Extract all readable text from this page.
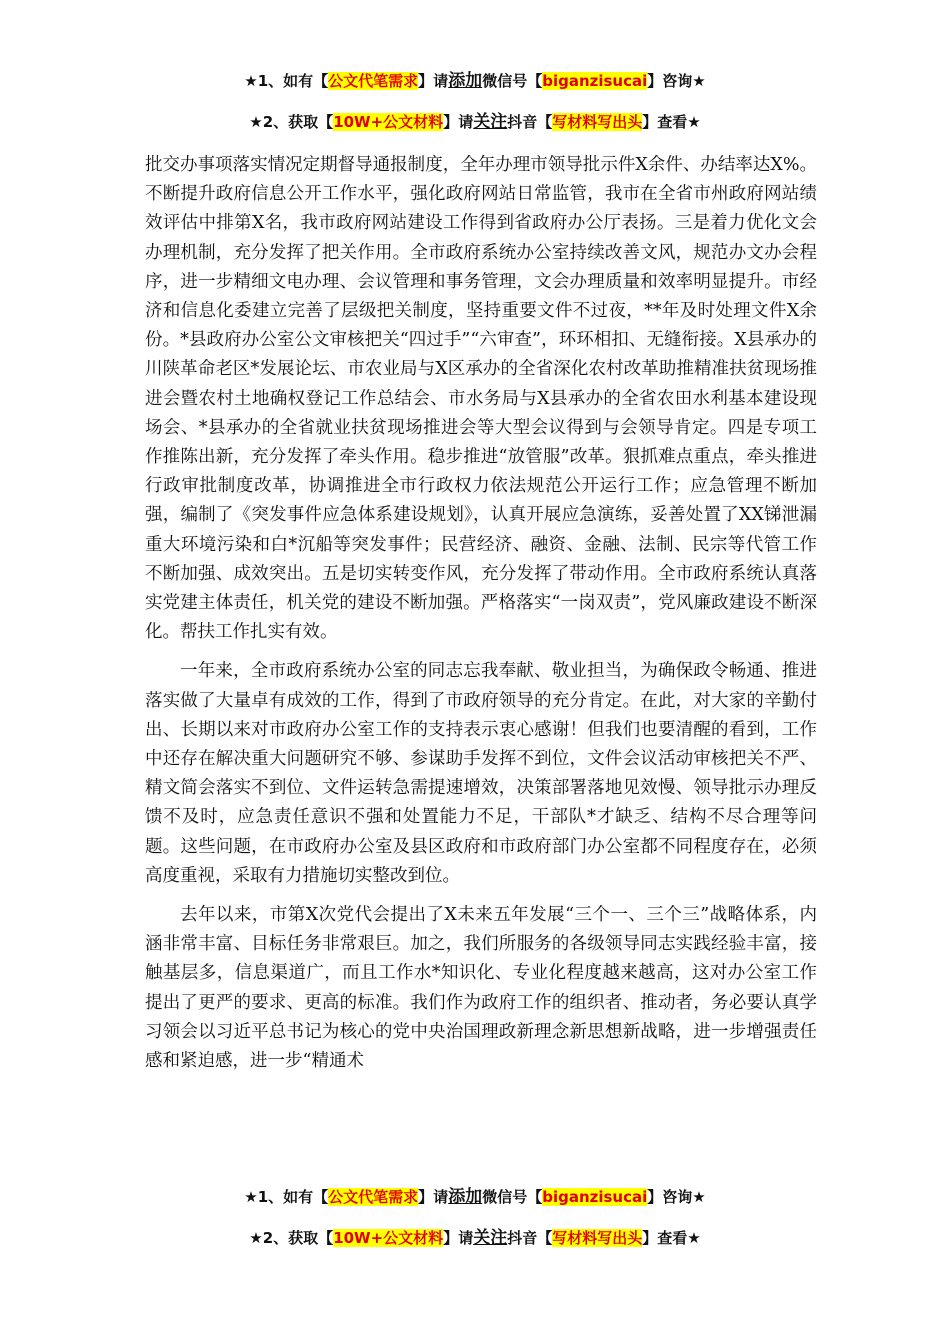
★1、如有【公文代笔需求】请添加微信号【biganzisucai】咨询★
★2、获取【10W+公文材料】请关注抖音【写材料写出头】查看★

批交办事项落实情况定期督导通报制度，全年办理市领导批示件X余件、办结率达X%。不断提升政府信息公开工作水平，强化政府网站日常监管，我市在全省市州政府网站绩效评估中排第X名，我市政府网站建设工作得到省政府办公厅表扬。三是着力优化文会办理机制，充分发挥了把关作用。全市政府系统办公室持续改善文风，规范办文办会程序，进一步精细文电办理、会议管理和事务管理，文会办理质量和效率明显提升。市经济和信息化委建立完善了层级把关制度，坚持重要文件不过夜，**年及时处理文件X余份。*县政府办公室公文审核把关“四过手”“六审查”，环环相扣、无缝衔接。X县承办的川陕革命老区*发展论坛、市农业局与X区承办的全省深化农村改革助推精准扶贫现场推进会暨农村土地确权登记工作总结会、市水务局与X县承办的全省农田水利基本建设现场会、*县承办的全省就业扶贫现场推进会等大型会议得到与会领导肯定。四是专项工作推陈出新，充分发挥了牵头作用。稳步推进“放管服”改革。狠抓难点重点，牵头推进行政审批制度改革，协调推进全市行政权力依法规范公开运行工作；应急管理不断加强，编制了《突发事件应急体系建设规划》，认真开展应急演练，妥善处置了XX锑泄漏重大环境污染和白*沉船等突发事件；民营经济、融资、金融、法制、民宗等代管工作不断加强、成效突出。五是切实转变作风，充分发挥了带动作用。全市政府系统认真落实党建主体责任，机关党的建设不断加强。严格落实“一岗双责”，党风廉政建设不断深化。帮扶工作扎实有效。

一年来，全市政府系统办公室的同志忘我奉献、敬业担当，为确保政令畅通、推进落实做了大量卓有成效的工作，得到了市政府领导的充分肯定。在此，对大家的辛勤付出、长期以来对市政府办公室工作的支持表示衷心感谢！但我们也要清醒的看到，工作中还存在解决重大问题研究不够、参谋助手发挥不到位，文件会议活动审核把关不严、精文简会落实不到位、文件运转急需提速增效，决策部署落地见效慢、领导批示办理反馈不及时，应急责任意识不强和处置能力不足，干部队*才缺乏、结构不尽合理等问题。这些问题，在市政府办公室及县区政府和市政府部门办公室都不同程度存在，必须高度重视，采取有力措施切实整改到位。

去年以来，市第X次党代会提出了X未来五年发展“三个一、三个三”战略体系，内涵非常丰富、目标任务非常艰巨。加之，我们所服务的各级领导同志实践经验丰富，接触基层多，信息渠道广，而且工作水*知识化、专业化程度越来越高，这对办公室工作提出了更严的要求、更高的标准。我们作为政府工作的组织者、推动者，务必要认真学习领会以习近平总书记为核心的党中央治国理政新理念新思想新战略，进一步增强责任感和紧迫感，进一步“精通术

★1、如有【公文代笔需求】请添加微信号【biganzisucai】咨询★
★2、获取【10W+公文材料】请关注抖音【写材料写出头】查看★
